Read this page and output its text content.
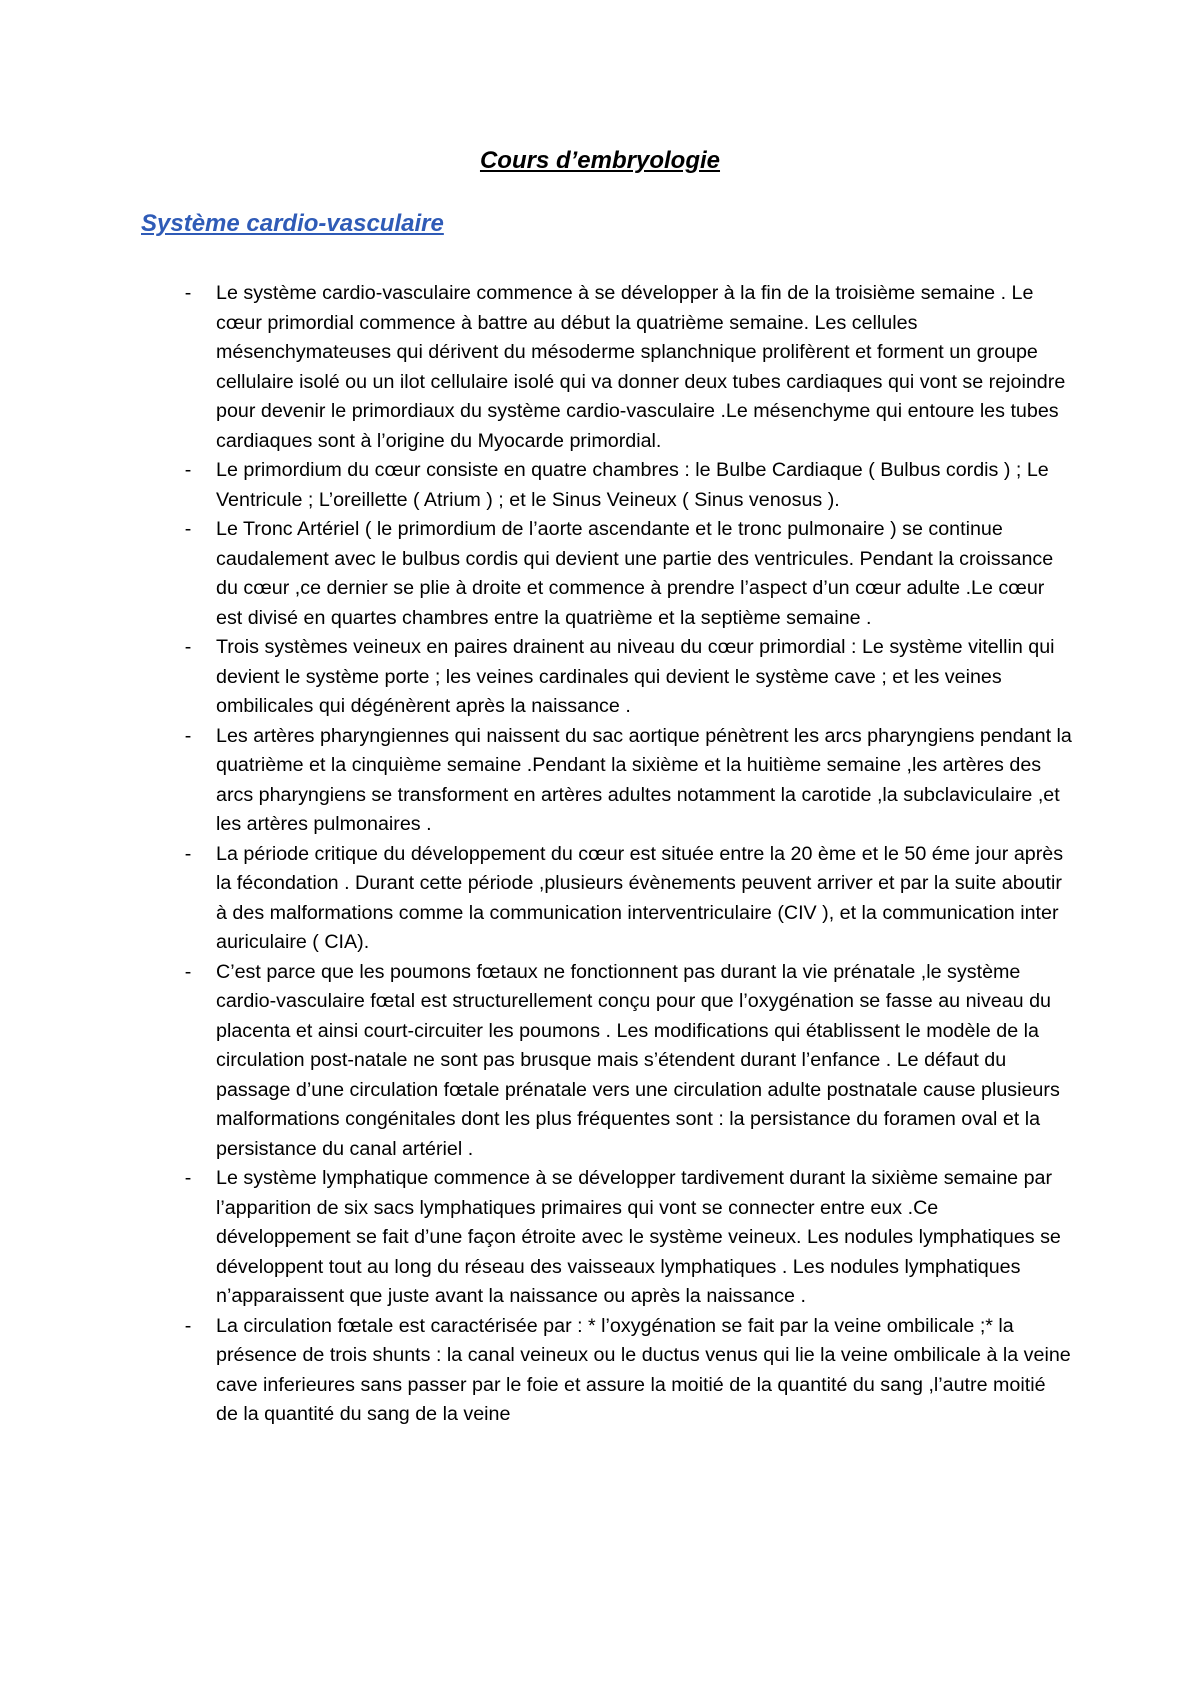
Cours d’embryologie
Système cardio-vasculaire
- Le système cardio-vasculaire commence à se développer à la fin de la troisième semaine . Le cœur primordial commence à battre au début la quatrième semaine. Les cellules mésenchymateuses qui dérivent du mésoderme splanchnique prolifèrent et forment un groupe cellulaire isolé ou un ilot cellulaire isolé qui va donner deux tubes cardiaques qui vont se rejoindre pour devenir le primordiaux du système cardio-vasculaire .Le mésenchyme qui entoure les tubes cardiaques sont à l’origine du Myocarde primordial.
- Le primordium du cœur consiste en quatre chambres : le Bulbe Cardiaque ( Bulbus cordis ) ; Le Ventricule ; L’oreillette ( Atrium ) ; et le Sinus Veineux ( Sinus venosus ).
- Le Tronc Artériel ( le primordium de l’aorte ascendante et le tronc pulmonaire ) se continue caudalement avec le bulbus cordis qui devient une partie des ventricules. Pendant la croissance du cœur ,ce dernier se plie à droite et commence à prendre l’aspect d’un cœur adulte .Le cœur est divisé en quartes chambres entre la quatrième et la septième semaine .
- Trois systèmes veineux en paires drainent au niveau du cœur primordial : Le système vitellin qui devient le système porte ; les veines cardinales qui devient le système cave ; et les veines ombilicales qui dégénèrent après la naissance .
- Les artères pharyngiennes qui naissent du sac aortique pénètrent les arcs pharyngiens pendant la quatrième et la cinquième semaine .Pendant la sixième et la huitième semaine ,les artères des arcs pharyngiens se transforment en artères adultes notamment la carotide ,la subclaviculaire ,et les artères pulmonaires .
- La période critique du développement du cœur est située entre la 20 ème et le 50 éme jour après la fécondation . Durant cette période ,plusieurs évènements peuvent arriver et par la suite aboutir à des malformations comme la communication interventriculaire (CIV ), et la communication inter auriculaire ( CIA).
- C’est parce que les poumons fœtaux ne fonctionnent pas durant la vie prénatale ,le système cardio-vasculaire fœtal est structurellement conçu pour que l’oxygénation se fasse au niveau du placenta et ainsi court-circuiter les poumons . Les modifications qui établissent le modèle de la circulation post-natale ne sont pas brusque mais s’étendent durant l’enfance . Le défaut du passage d’une circulation fœtale prénatale vers une circulation adulte postnatale cause plusieurs malformations congénitales dont les plus fréquentes sont : la persistance du foramen oval et la persistance du canal artériel .
- Le système lymphatique commence à se développer tardivement durant la sixième semaine par l’apparition de six sacs lymphatiques primaires qui vont se connecter entre eux .Ce développement se fait d’une façon étroite avec le système veineux. Les nodules lymphatiques se développent tout au long du réseau des vaisseaux lymphatiques . Les nodules lymphatiques n’apparaissent que juste avant la naissance ou après la naissance .
- La circulation fœtale est caractérisée par : * l’oxygénation se fait par la veine ombilicale ;* la présence de trois shunts : la canal veineux ou le ductus venus qui lie la veine ombilicale à la veine cave inferieures sans passer par le foie et assure la moitié de la quantité du sang ,l’autre moitié de la quantité du sang de la veine
